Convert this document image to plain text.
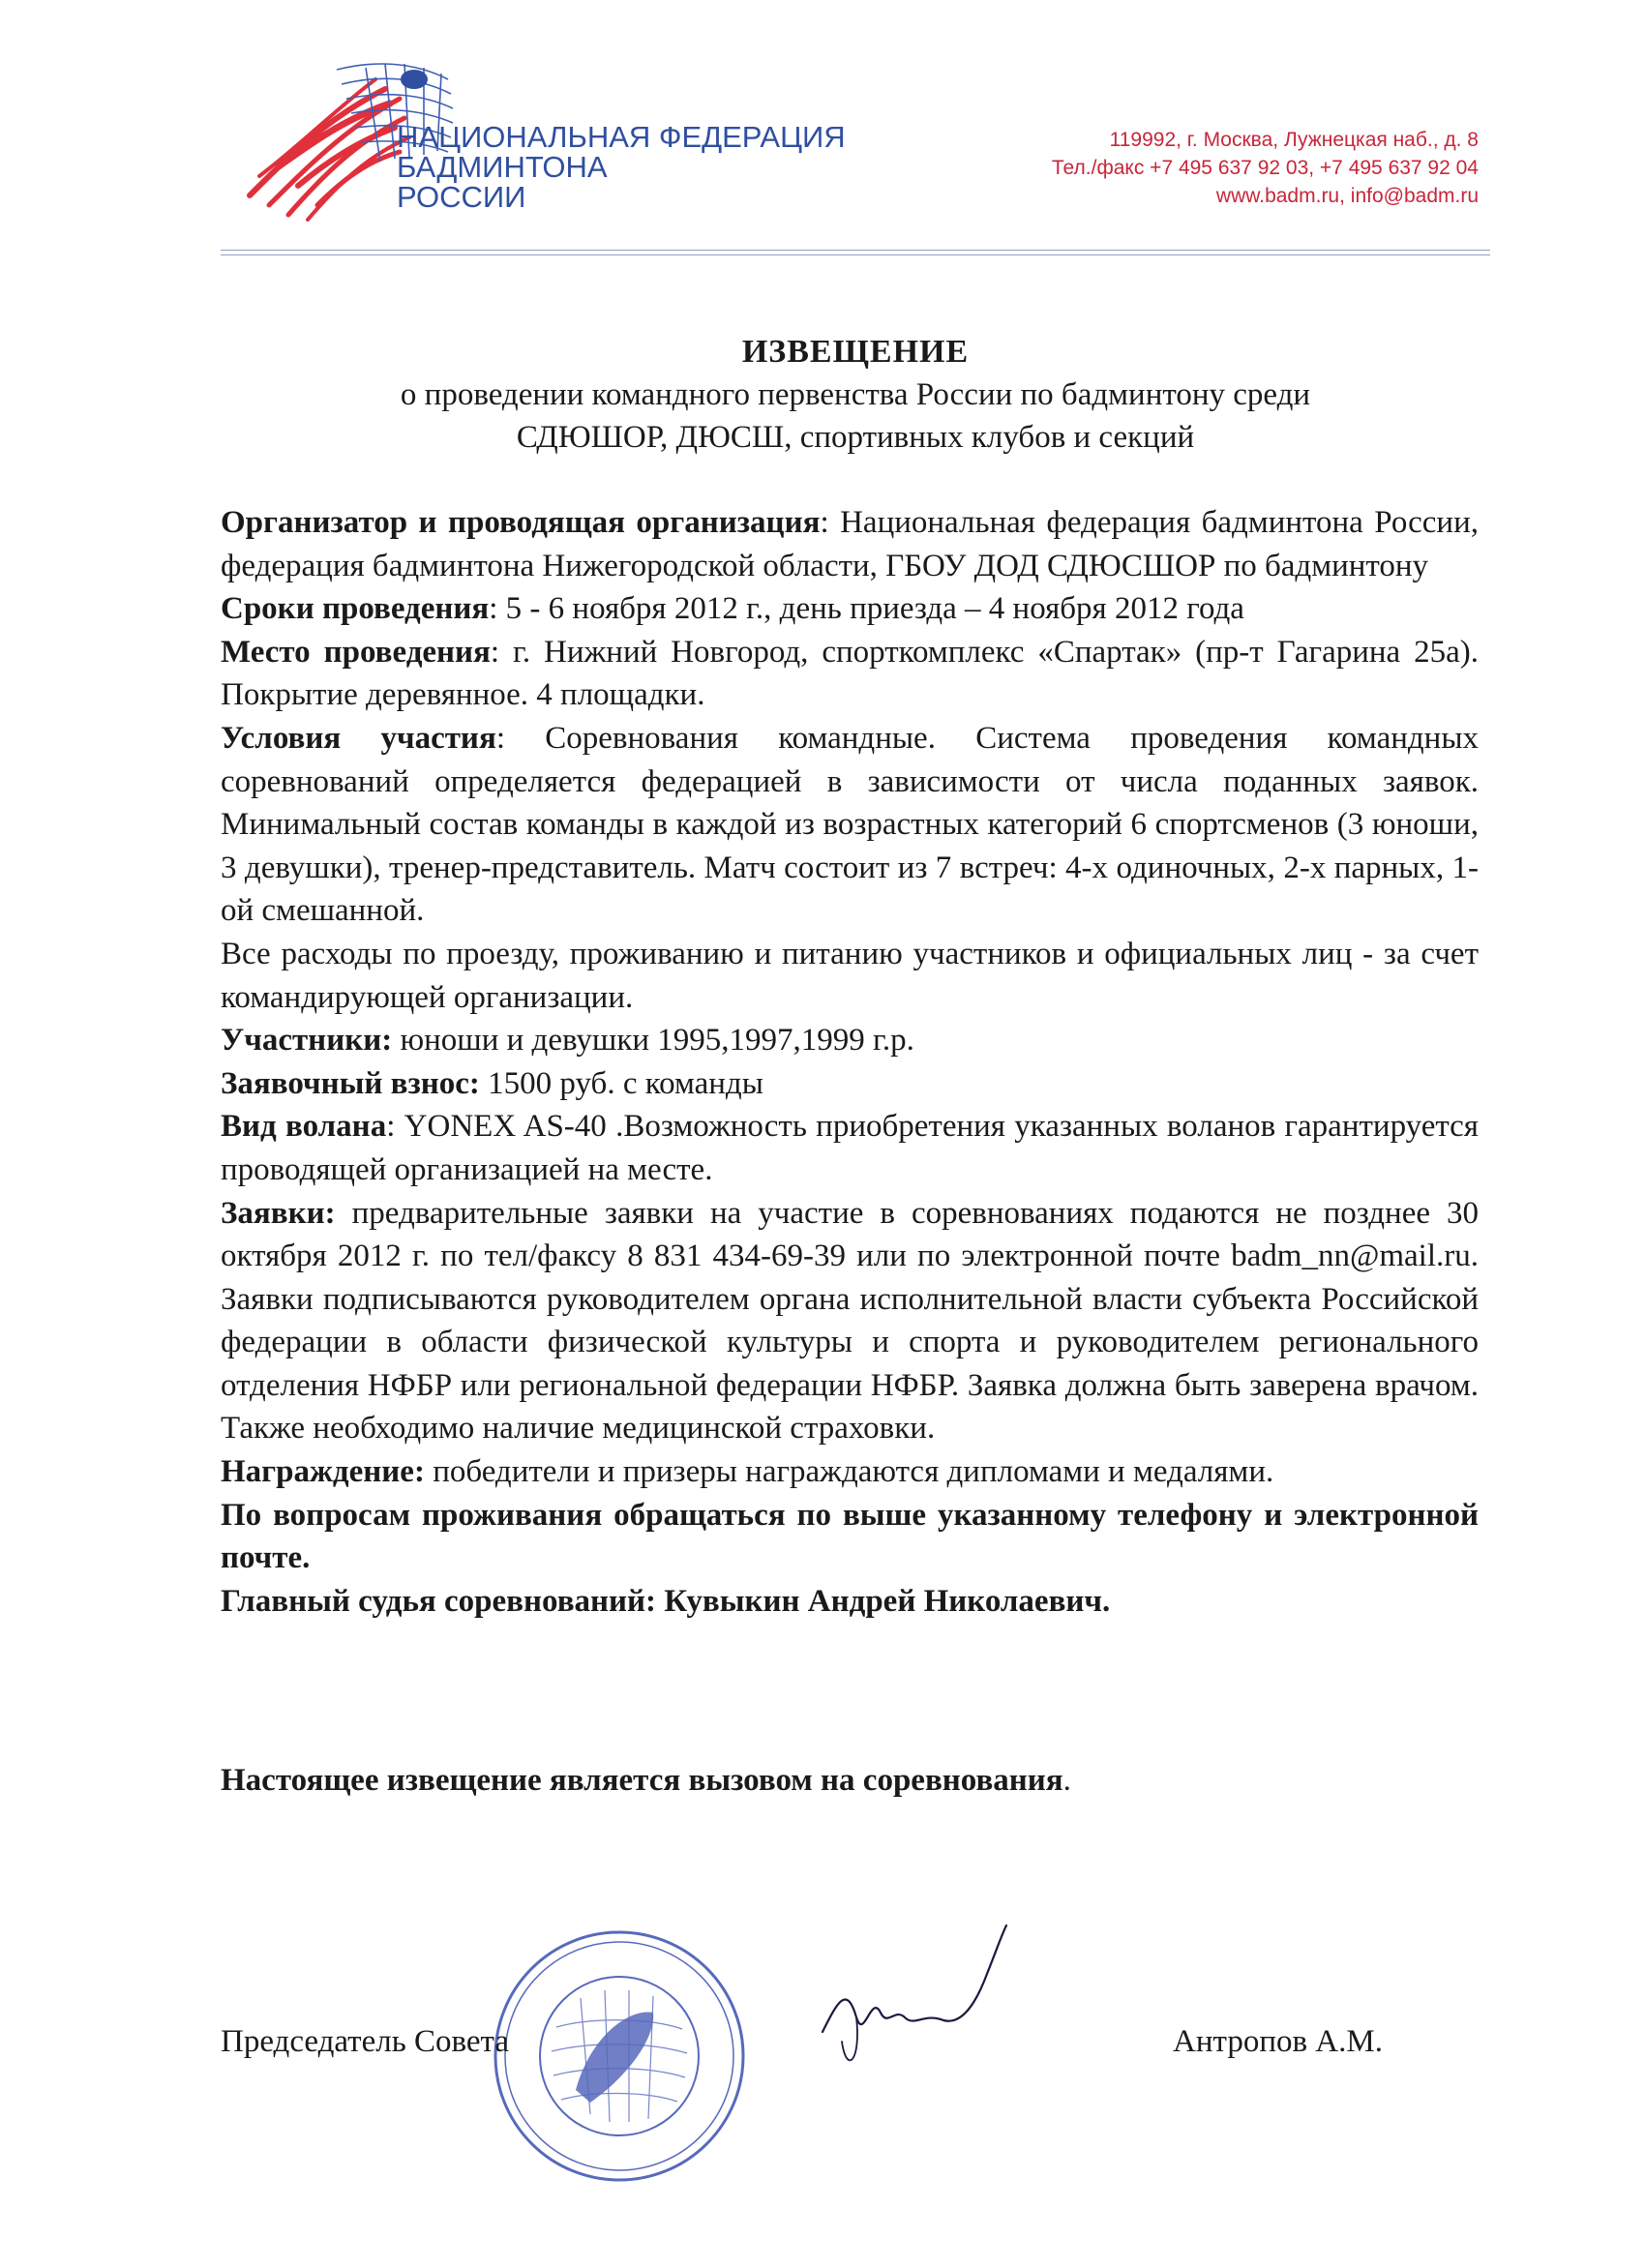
НАЦИОНАЛЬНАЯ ФЕДЕРАЦИЯ
БАДМИНТОНА
РОССИИ
119992, г. Москва, Лужнецкая наб., д. 8
Тел./факс +7 495 637 92 03, +7 495 637 92 04
www.badm.ru, info@badm.ru
ИЗВЕЩЕНИЕ
о проведении командного первенства России по бадминтону среди
СДЮШОР, ДЮСШ, спортивных клубов и секций
Организатор и проводящая организация: Национальная федерация бадминтона России, федерация бадминтона Нижегородской области, ГБОУ ДОД СДЮСШОР по бадминтону
Сроки проведения: 5 - 6 ноября 2012 г., день приезда – 4 ноября 2012 года
Место проведения: г. Нижний Новгород, спорткомплекс «Спартак» (пр-т Гагарина 25а). Покрытие деревянное. 4 площадки.
Условия участия: Соревнования командные. Система проведения командных соревнований определяется федерацией в зависимости от числа поданных заявок. Минимальный состав команды в каждой из возрастных категорий 6 спортсменов (3 юноши, 3 девушки), тренер-представитель. Матч состоит из 7 встреч: 4-х одиночных, 2-х парных, 1-ой смешанной.
Все расходы по проезду, проживанию и питанию участников и официальных лиц - за счет командирующей организации.
Участники: юноши и девушки 1995,1997,1999 г.р.
Заявочный взнос: 1500 руб. с команды
Вид волана: YONEX AS-40 .Возможность приобретения указанных воланов гарантируется проводящей организацией на месте.
Заявки: предварительные заявки на участие в соревнованиях подаются не позднее 30 октября 2012 г. по тел/факсу 8 831 434-69-39 или по электронной почте badm_nn@mail.ru. Заявки подписываются руководителем органа исполнительной власти субъекта Российской федерации в области физической культуры и спорта и руководителем регионального отделения НФБР или региональной федерации НФБР. Заявка должна быть заверена врачом. Также необходимо наличие медицинской страховки.
Награждение: победители и призеры награждаются дипломами и медалями.
По вопросам проживания обращаться по выше указанному телефону и электронной почте.
Главный судья соревнований: Кувыкин Андрей Николаевич.
Настоящее извещение является вызовом на соревнования.
Председатель Совета	Антропов А.М.
